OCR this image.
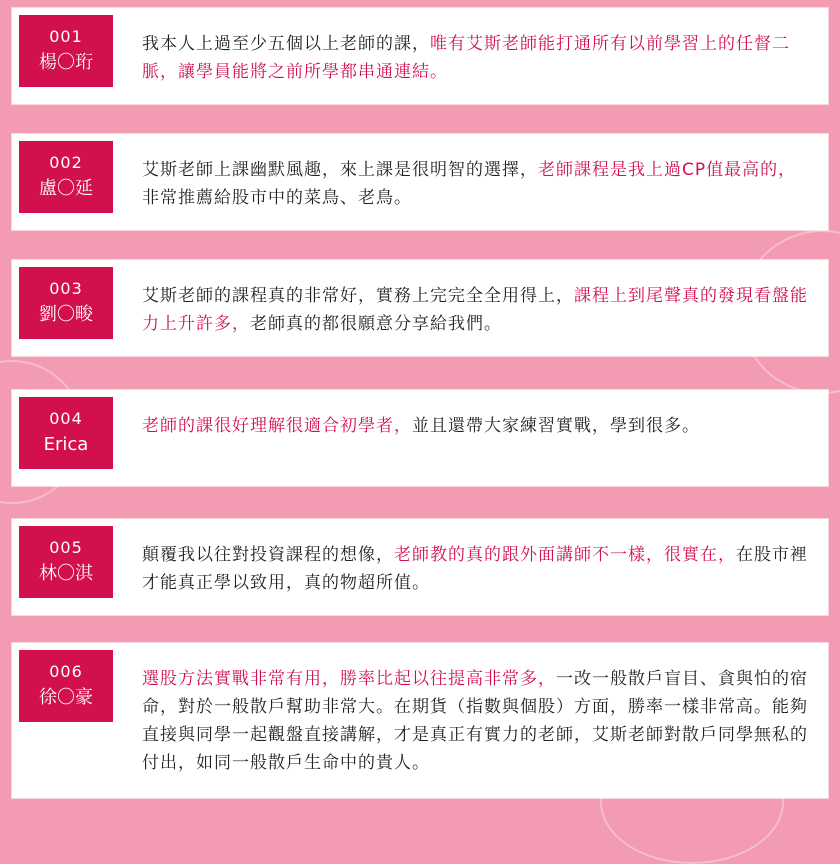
001
楊〇珩
我本人上過至少五個以上老師的課，唯有艾斯老師能打通所有以前學習上的任督二脈，讓學員能將之前所學都串通連結。
002
盧〇延
艾斯老師上課幽默風趣，來上課是很明智的選擇，老師課程是我上過CP值最高的，非常推薦給股市中的菜鳥、老鳥。
003
劉〇畯
艾斯老師的課程真的非常好，實務上完完全全用得上，課程上到尾聲真的發現看盤能力上升許多，老師真的都很願意分享給我們。
004
Erica
老師的課很好理解很適合初學者，並且還帶大家練習實戰，學到很多。
005
林〇淇
顛覆我以往對投資課程的想像，老師教的真的跟外面講師不一樣，很實在，在股市裡才能真正學以致用，真的物超所值。
006
徐〇豪
選股方法實戰非常有用，勝率比起以往提高非常多，一改一般散戶盲目、貪與怕的宿命，對於一般散戶幫助非常大。在期貨（指數與個股）方面，勝率一樣非常高。能夠直接與同學一起觀盤直接講解，才是真正有實力的老師，艾斯老師對散戶同學無私的付出，如同一般散戶生命中的貴人。
